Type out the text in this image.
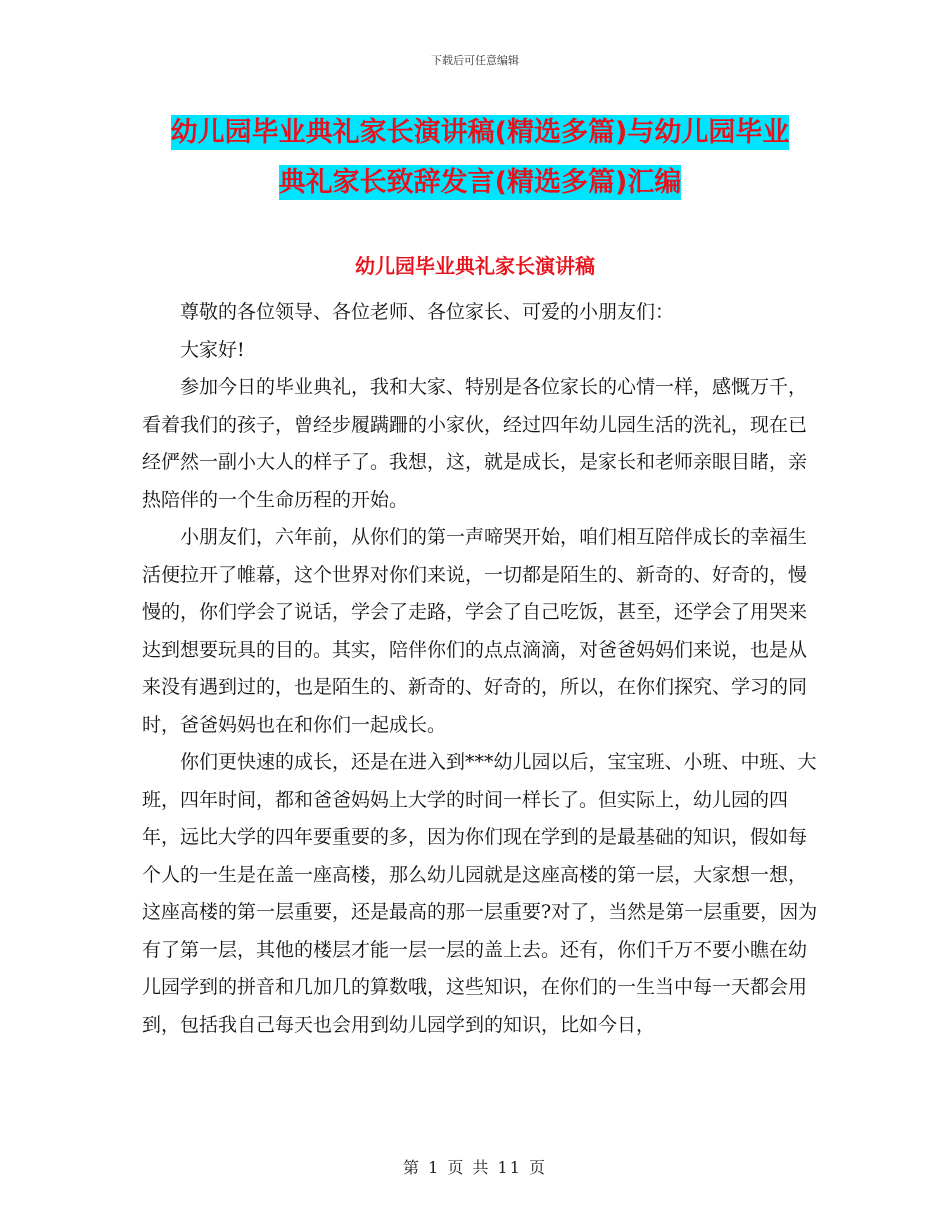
下载后可任意编辑
幼儿园毕业典礼家长演讲稿(精选多篇)与幼儿园毕业
典礼家长致辞发言(精选多篇)汇编
幼儿园毕业典礼家长演讲稿

尊敬的各位领导、各位老师、各位家长、可爱的小朋友们：

大家好!

参加今日的毕业典礼，我和大家、特别是各位家长的心情一样，感慨万千，看着我们的孩子，曾经步履蹒跚的小家伙，经过四年幼儿园生活的洗礼，现在已经俨然一副小大人的样子了。我想，这，就是成长，是家长和老师亲眼目睹，亲热陪伴的一个生命历程的开始。

小朋友们，六年前，从你们的第一声啼哭开始，咱们相互陪伴成长的幸福生活便拉开了帷幕，这个世界对你们来说，一切都是陌生的、新奇的、好奇的，慢慢的，你们学会了说话，学会了走路，学会了自己吃饭，甚至，还学会了用哭来达到想要玩具的目的。其实，陪伴你们的点点滴滴，对爸爸妈妈们来说，也是从来没有遇到过的，也是陌生的、新奇的、好奇的，所以，在你们探究、学习的同时，爸爸妈妈也在和你们一起成长。

你们更快速的成长，还是在进入到***幼儿园以后，宝宝班、小班、中班、大班，四年时间，都和爸爸妈妈上大学的时间一样长了。但实际上，幼儿园的四年，远比大学的四年要重要的多，因为你们现在学到的是最基础的知识，假如每个人的一生是在盖一座高楼，那么幼儿园就是这座高楼的第一层，大家想一想，这座高楼的第一层重要，还是最高的那一层重要?对了，当然是第一层重要，因为有了第一层，其他的楼层才能一层一层的盖上去。还有，你们千万不要小瞧在幼儿园学到的拼音和几加几的算数哦，这些知识，在你们的一生当中每一天都会用到，包括我自己每天也会用到幼儿园学到的知识，比如今日，

第 1 页 共 11 页
